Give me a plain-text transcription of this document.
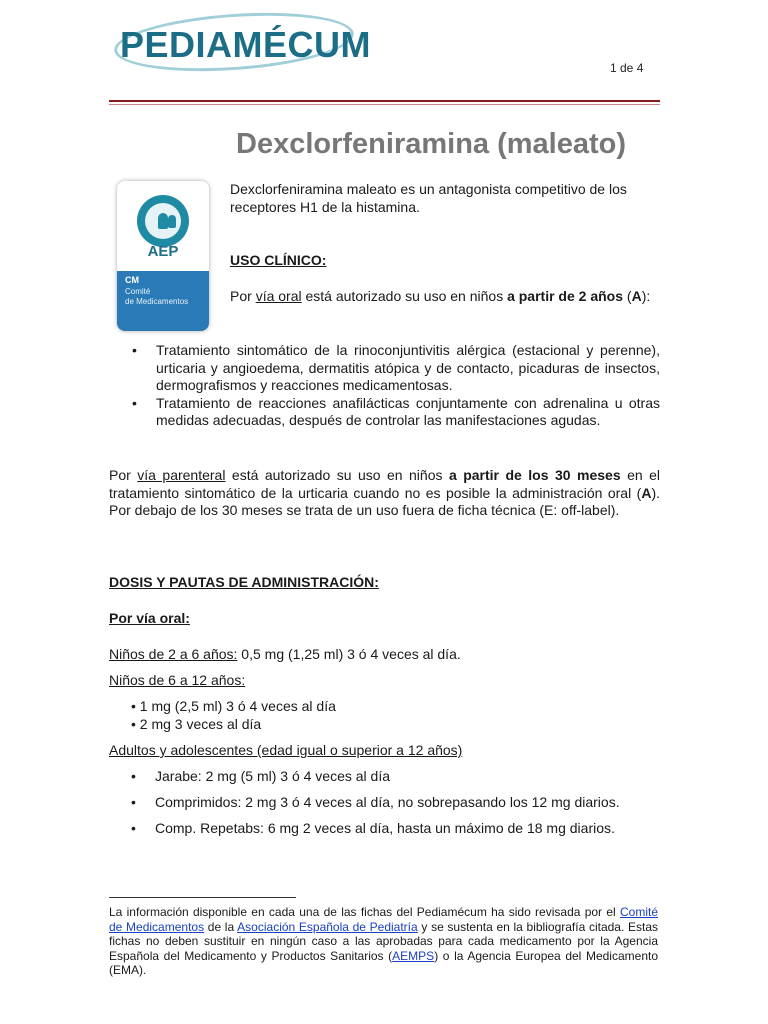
PEDIAMÉCUM
1 de 4
Dexclorfeniramina (maleato)
AEP
CM
Comité
de Medicamentos
Dexclorfeniramina maleato es un antagonista competitivo de los receptores H1 de la histamina.
USO CLÍNICO:
Por vía oral está autorizado su uso en niños a partir de 2 años (A):
• Tratamiento sintomático de la rinoconjuntivitis alérgica (estacional y perenne), urticaria y angioedema, dermatitis atópica y de contacto, picaduras de insectos, dermografismos y reacciones medicamentosas.
• Tratamiento de reacciones anafilácticas conjuntamente con adrenalina u otras medidas adecuadas, después de controlar las manifestaciones agudas.
Por vía parenteral está autorizado su uso en niños a partir de los 30 meses en el tratamiento sintomático de la urticaria cuando no es posible la administración oral (A). Por debajo de los 30 meses se trata de un uso fuera de ficha técnica (E: off-label).
DOSIS Y PAUTAS DE ADMINISTRACIÓN:
Por vía oral:
Niños de 2 a 6 años: 0,5 mg (1,25 ml) 3 ó 4 veces al día.
Niños de 6 a 12 años:
• 1 mg (2,5 ml) 3 ó 4 veces al día
• 2 mg 3 veces al día
Adultos y adolescentes (edad igual o superior a 12 años)
• Jarabe: 2 mg (5 ml) 3 ó 4 veces al día
• Comprimidos: 2 mg 3 ó 4 veces al día, no sobrepasando los 12 mg diarios.
• Comp. Repetabs: 6 mg 2 veces al día, hasta un máximo de 18 mg diarios.
La información disponible en cada una de las fichas del Pediamécum ha sido revisada por el Comité de Medicamentos de la Asociación Española de Pediatría y se sustenta en la bibliografía citada. Estas fichas no deben sustituir en ningún caso a las aprobadas para cada medicamento por la Agencia Española del Medicamento y Productos Sanitarios (AEMPS) o la Agencia Europea del Medicamento (EMA).
